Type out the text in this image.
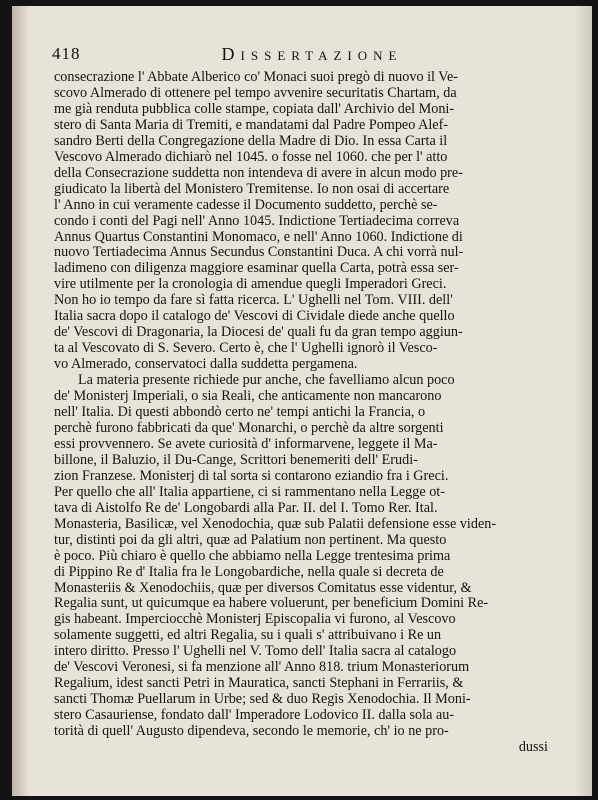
418	Dissertazione
consecrazione l' Abbate Alberico co' Monaci suoi pregò di nuovo il Ve-
scovo Almerado di ottenere pel tempo avvenire securitatis Chartam, da
me già renduta pubblica colle stampe, copiata dall' Archivio del Moni-
stero di Santa Maria di Tremiti, e mandatami dal Padre Pompeo Alef-
sandro Berti della Congregazione della Madre di Dio. In essa Carta il
Vescovo Almerado dichiarò nel 1045. o fosse nel 1060. che per l' atto
della Consecrazione suddetta non intendeva di avere in alcun modo pre-
giudicato la libertà del Monistero Tremitense. Io non osai di accertare
l' Anno in cui veramente cadesse il Documento suddetto, perchè se-
condo i conti del Pagi nell' Anno 1045. Indictione Tertiadecima correva
Annus Quartus Constantini Monomaco, e nell' Anno 1060. Indictione di
nuovo Tertiadecima Annus Secundus Constantini Duca. A chi vorrà nul-
ladimeno con diligenza maggiore esaminar quella Carta, potrà essa ser-
vire utilmente per la cronologia di amendue quegli Imperadori Greci.
Non ho io tempo da fare sì fatta ricerca. L' Ughelli nel Tom. VIII. dell'
Italia sacra dopo il catalogo de' Vescovi di Cividale diede anche quello
de' Vescovi di Dragonaria, la Diocesi de' quali fu da gran tempo aggiun-
ta al Vescovato di S. Severo. Certo è, che l' Ughelli ignorò il Vesco-
vo Almerado, conservatoci dalla suddetta pergamena.
La materia presente richiede pur anche, che favelliamo alcun poco
de' Monisterj Imperiali, o sia Reali, che anticamente non mancarono
nell' Italia. Di questi abbondò certo ne' tempi antichi la Francia, o
perchè furono fabbricati da que' Monarchi, o perchè da altre sorgenti
essi provvennero. Se avete curiosità d' informarvene, leggete il Ma-
billone, il Baluzio, il Du-Cange, Scrittori benemeriti dell' Erudi-
zion Franzese. Monisterj di tal sorta si contarono eziandio fra i Greci.
Per quello che all' Italia appartiene, ci si rammentano nella Legge ot-
tava di Aistolfo Re de' Longobardi alla Par. II. del I. Tomo Rer. Ital.
Monasteria, Basilicæ, vel Xenodochia, quæ sub Palatii defensione esse viden-
tur, distinti poi da gli altri, quæ ad Palatium non pertinent. Ma questo
è poco. Più chiaro è quello che abbiamo nella Legge trentesima prima
di Pippino Re d' Italia fra le Longobardiche, nella quale si decreta de
Monasteriis & Xenodochiis, quæ per diversos Comitatus esse videntur, &
Regalia sunt, ut quicumque ea habere voluerunt, per beneficium Domini Re-
gis habeant. Imperciocchè Monisterj Episcopalia vi furono, al Vescovo
solamente suggetti, ed altri Regalia, su i quali s' attribuivano i Re un
intero diritto. Presso l' Ughelli nel V. Tomo dell' Italia sacra al catalogo
de' Vescovi Veronesi, si fa menzione all' Anno 818. trium Monasteriorum
Regalium, idest sancti Petri in Mauratica, sancti Stephani in Ferrariis, &
sancti Thomæ Puellarum in Urbe; sed & duo Regis Xenodochia. Il Moni-
stero Casauriense, fondato dall' Imperadore Lodovico II. dalla sola au-
torità di quell' Augusto dipendeva, secondo le memorie, ch' io ne pro-
dussi
